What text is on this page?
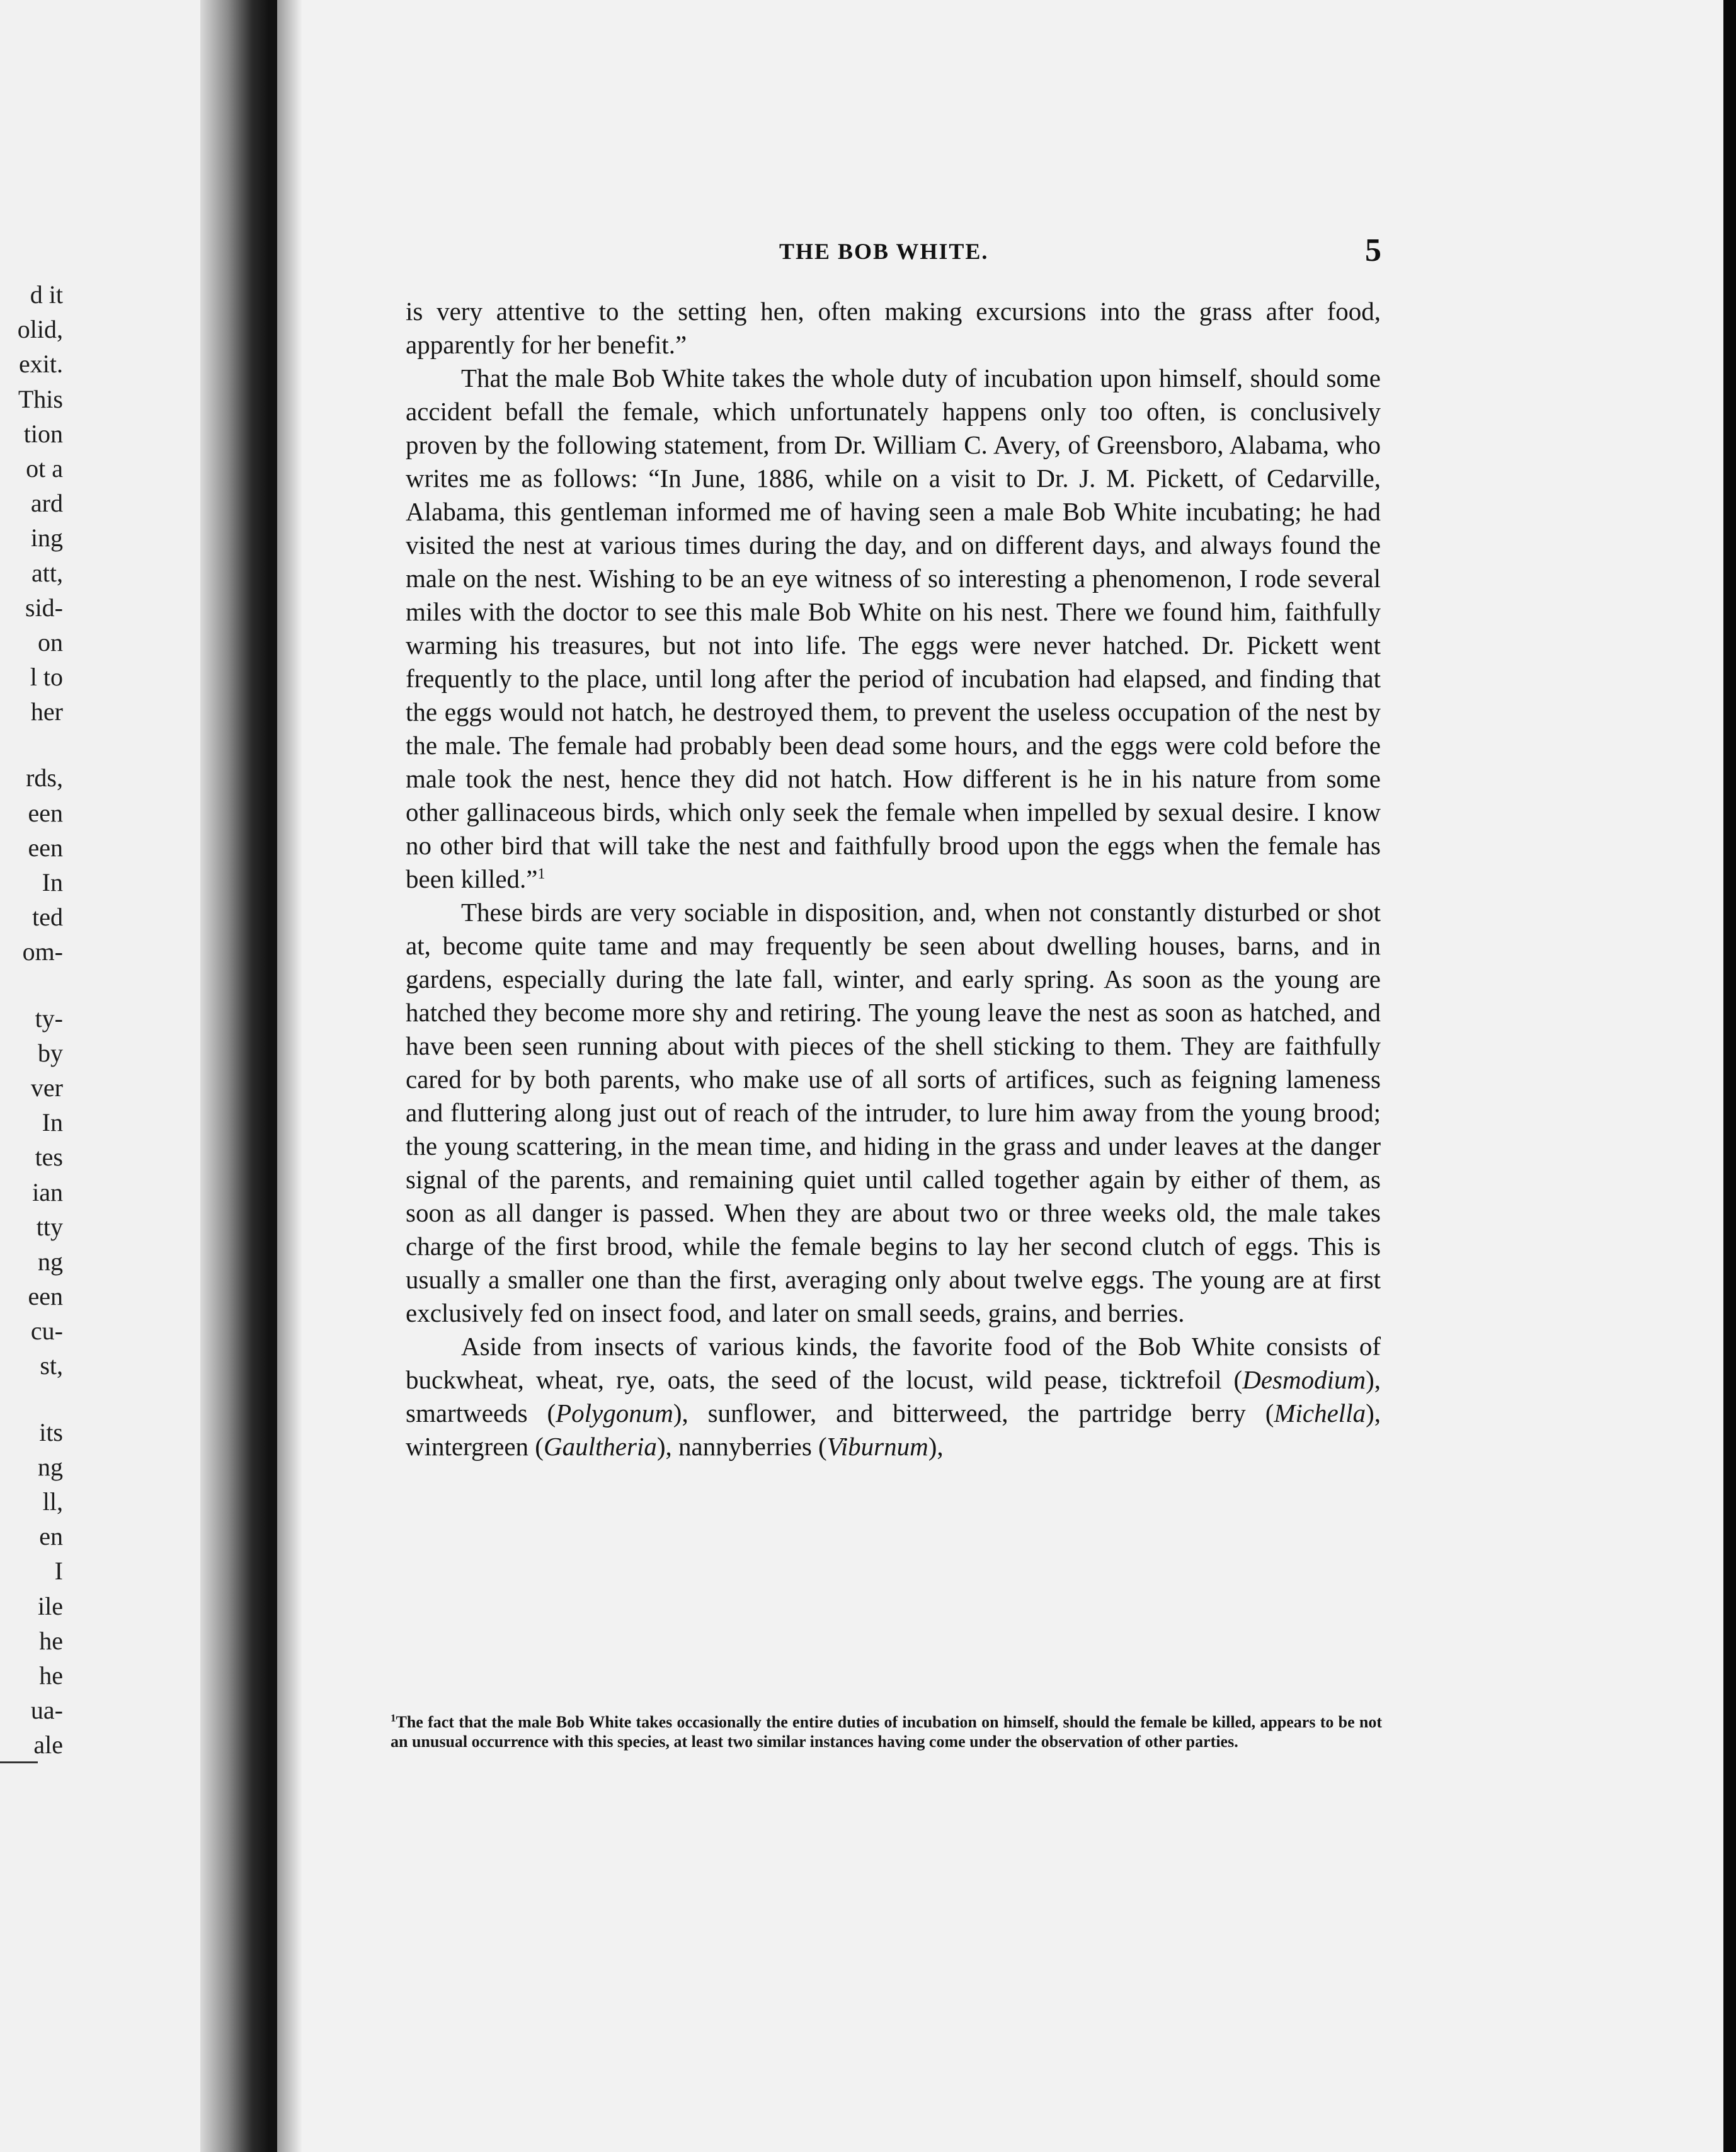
d it
olid,
exit.
This
tion
ot a
ard
ing
att,
sid-
on
l to
her
rds,
een
een
In
ted
om-
ty-
by
ver
In
tes
ian
tty
ng
een
cu-
st,
its
ng
ll,
en
I
ile
he
he
ua-
ale
THE BOB WHITE.	5

is very attentive to the setting hen, often making excursions into the grass after food, apparently for her benefit.”

That the male Bob White takes the whole duty of incubation upon himself, should some accident befall the female, which unfortunately happens only too often, is conclusively proven by the following statement, from Dr. William C. Avery, of Greensboro, Alabama, who writes me as follows: “In June, 1886, while on a visit to Dr. J. M. Pickett, of Cedarville, Alabama, this gentleman informed me of having seen a male Bob White incubating; he had visited the nest at various times during the day, and on different days, and always found the male on the nest. Wishing to be an eye witness of so interesting a phenomenon, I rode several miles with the doctor to see this male Bob White on his nest. There we found him, faithfully warming his treasures, but not into life. The eggs were never hatched. Dr. Pickett went frequently to the place, until long after the period of incubation had elapsed, and finding that the eggs would not hatch, he destroyed them, to prevent the useless occupation of the nest by the male. The female had probably been dead some hours, and the eggs were cold before the male took the nest, hence they did not hatch. How different is he in his nature from some other gallinaceous birds, which only seek the female when impelled by sexual desire. I know no other bird that will take the nest and faithfully brood upon the eggs when the female has been killed.”$^1$

These birds are very sociable in disposition, and, when not constantly disturbed or shot at, become quite tame and may frequently be seen about dwelling houses, barns, and in gardens, especially during the late fall, winter, and early spring. As soon as the young are hatched they become more shy and retiring. The young leave the nest as soon as hatched, and have been seen running about with pieces of the shell sticking to them. They are faithfully cared for by both parents, who make use of all sorts of artifices, such as feigning lameness and fluttering along just out of reach of the intruder, to lure him away from the young brood; the young scattering, in the mean time, and hiding in the grass and under leaves at the danger signal of the parents, and remaining quiet until called together again by either of them, as soon as all danger is passed. When they are about two or three weeks old, the male takes charge of the first brood, while the female begins to lay her second clutch of eggs. This is usually a smaller one than the first, averaging only about twelve eggs. The young are at first exclusively fed on insect food, and later on small seeds, grains, and berries.

Aside from insects of various kinds, the favorite food of the Bob White consists of buckwheat, wheat, rye, oats, the seed of the locust, wild pease, ticktrefoil (Desmodium), smartweeds (Polygonum), sunflower, and bitterweed, the partridge berry (Michella), wintergreen (Gaultheria), nannyberries (Viburnum),

$^1$The fact that the male Bob White takes occasionally the entire duties of incubation on himself, should the female be killed, appears to be not an unusual occurrence with this species, at least two similar instances having come under the observation of other parties.
